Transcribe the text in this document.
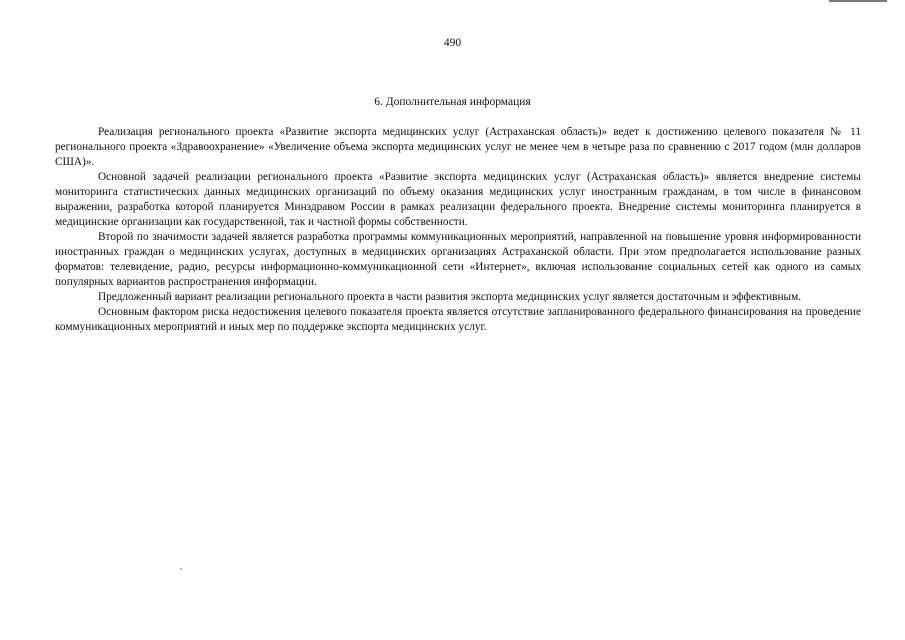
490
6. Дополнительная информация

Реализация регионального проекта «Развитие экспорта медицинских услуг (Астраханская область)» ведет к достижению целевого показателя № 11 регионального проекта «Здравоохранение» «Увеличение объема экспорта медицинских услуг не менее чем в четыре раза по сравнению с 2017 годом (млн долларов США)».

Основной задачей реализации регионального проекта «Развитие экспорта медицинских услуг (Астраханская область)» является внедрение системы мониторинга статистических данных медицинских организаций по объему оказания медицинских услуг иностранным гражданам, в том числе в финансовом выражении, разработка которой планируется Минздравом России в рамках реализации федерального проекта. Внедрение системы мониторинга планируется в медицинские организации как государственной, так и частной формы собственности.

Второй по значимости задачей является разработка программы коммуникационных мероприятий, направленной на повышение уровня информированности иностранных граждан о медицинских услугах, доступных в медицинских организациях Астраханской области. При этом предполагается использование разных форматов: телевидение, радио, ресурсы информационно-коммуникационной сети «Интернет», включая использование социальных сетей как одного из самых популярных вариантов распространения информации.

Предложенный вариант реализации регионального проекта в части развития экспорта медицинских услуг является достаточным и эффективным.

Основным фактором риска недостижения целевого показателя проекта является отсутствие запланированного федерального финансирования на проведение коммуникационных мероприятий и иных мер по поддержке экспорта медицинских услуг.
